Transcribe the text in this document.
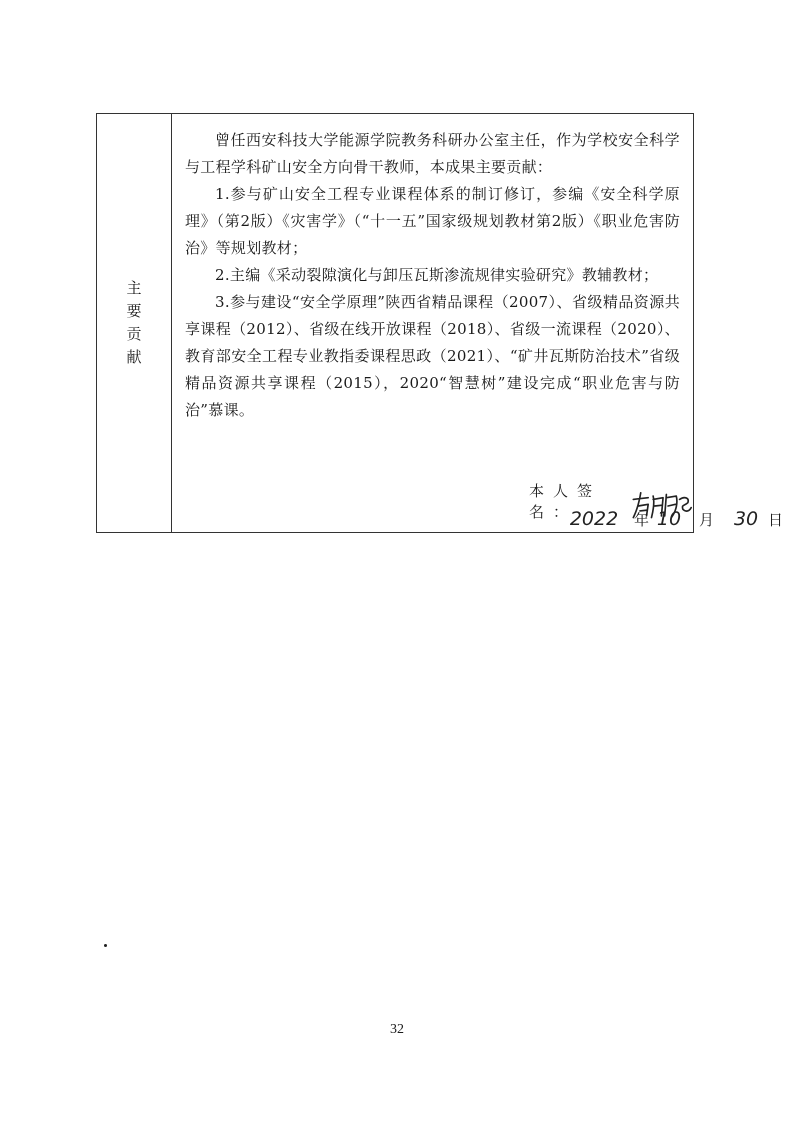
主
要
贡
献

曾任西安科技大学能源学院教务科研办公室主任，作为学校安全科学与工程学科矿山安全方向骨干教师，本成果主要贡献：

1.参与矿山安全工程专业课程体系的制订修订，参编《安全科学原理》（第2版）《灾害学》（“十一五”国家级规划教材第2版）《职业危害防治》等规划教材；

2.主编《采动裂隙演化与卸压瓦斯渗流规律实验研究》教辅教材；

3.参与建设“安全学原理”陕西省精品课程（2007）、省级精品资源共享课程（2012）、省级在线开放课程（2018）、省级一流课程（2020）、教育部安全工程专业教指委课程思政（2021）、“矿井瓦斯防治技术”省级精品资源共享课程（2015），2020“智慧树”建设完成“职业危害与防治”慕课。

本人签名：
2022	年 10	月	30 日
32
